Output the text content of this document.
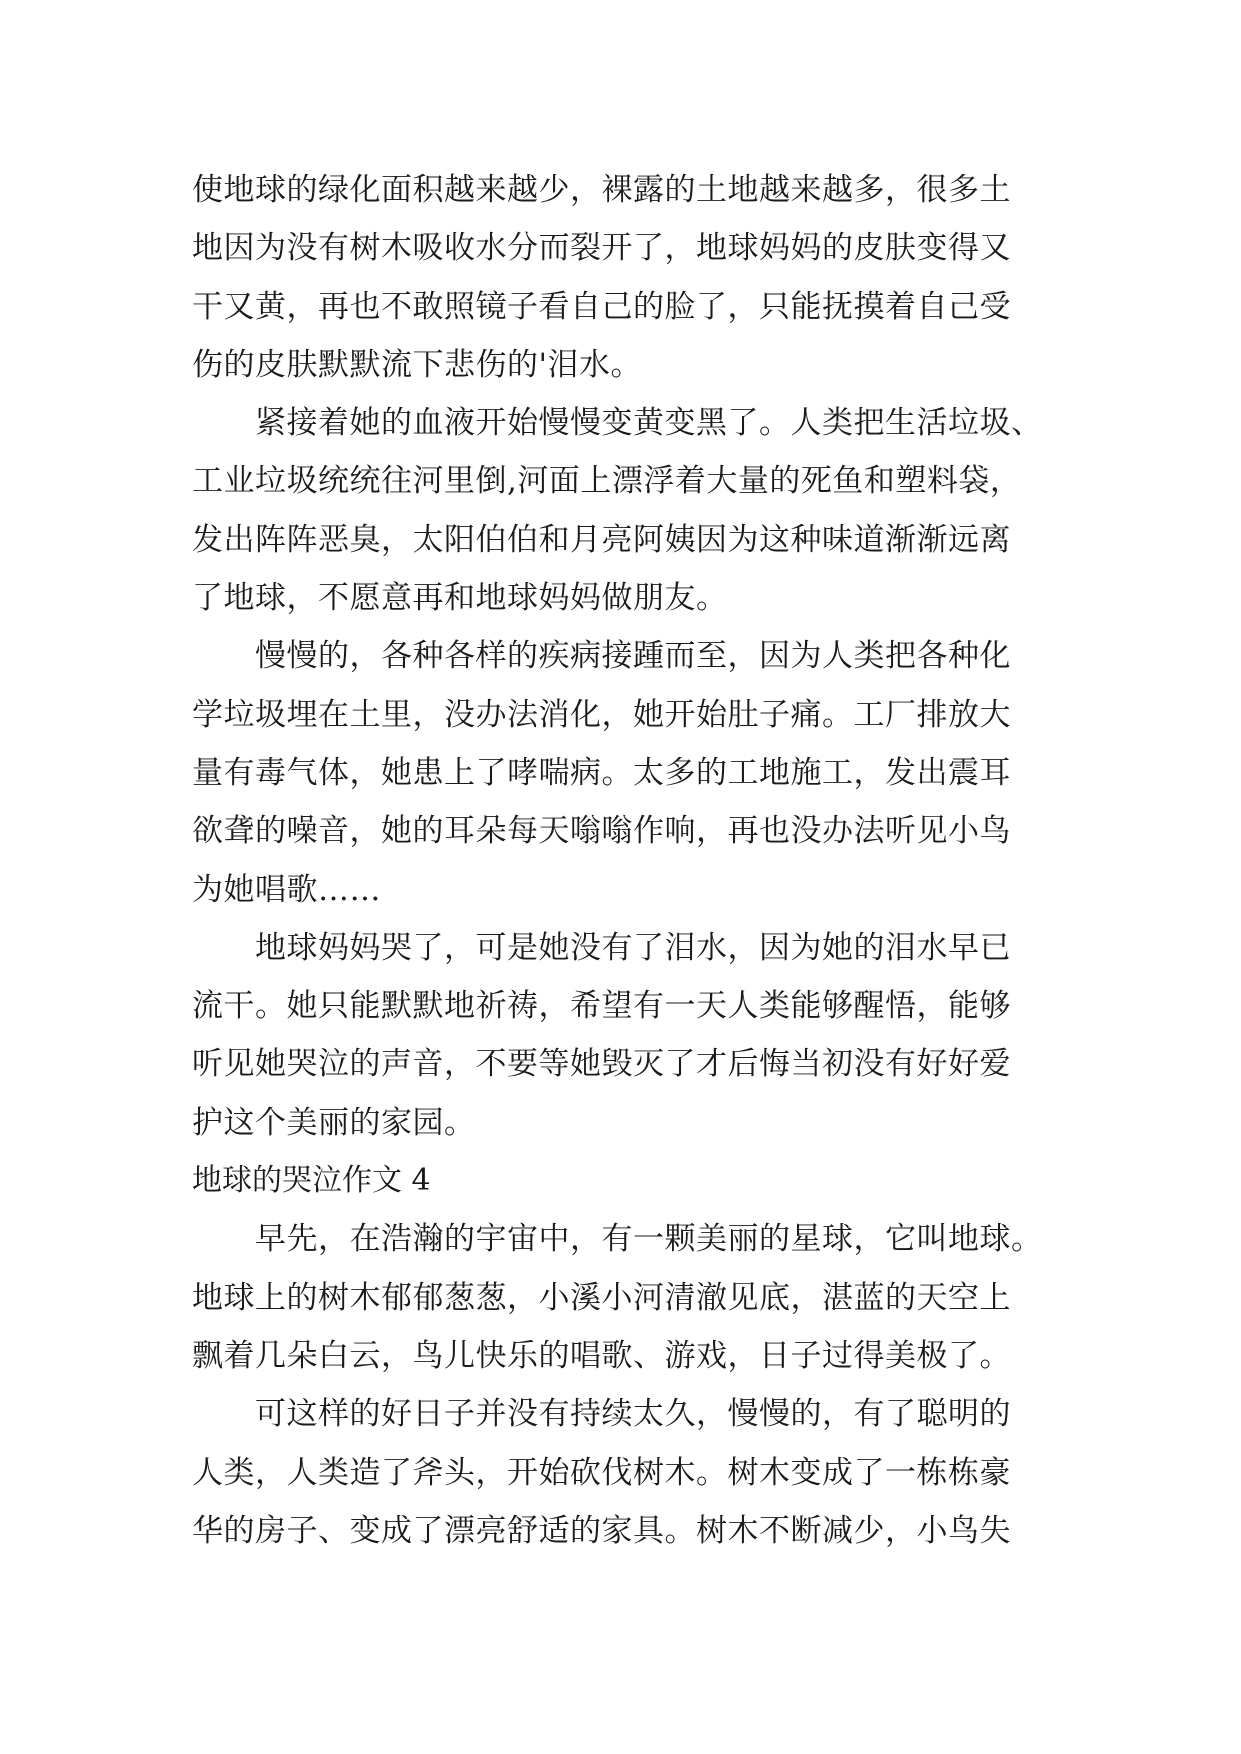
使地球的绿化面积越来越少，裸露的土地越来越多，很多土
地因为没有树木吸收水分而裂开了，地球妈妈的皮肤变得又
干又黄，再也不敢照镜子看自己的脸了，只能抚摸着自己受
伤的皮肤默默流下悲伤的'泪水。
　　紧接着她的血液开始慢慢变黄变黑了。人类把生活垃圾、
工业垃圾统统往河里倒,河面上漂浮着大量的死鱼和塑料袋，
发出阵阵恶臭，太阳伯伯和月亮阿姨因为这种味道渐渐远离
了地球，不愿意再和地球妈妈做朋友。
　　慢慢的，各种各样的疾病接踵而至，因为人类把各种化
学垃圾埋在土里，没办法消化，她开始肚子痛。工厂排放大
量有毒气体，她患上了哮喘病。太多的工地施工，发出震耳
欲聋的噪音，她的耳朵每天嗡嗡作响，再也没办法听见小鸟
为她唱歌……
　　地球妈妈哭了，可是她没有了泪水，因为她的泪水早已
流干。她只能默默地祈祷，希望有一天人类能够醒悟，能够
听见她哭泣的声音，不要等她毁灭了才后悔当初没有好好爱
护这个美丽的家园。
地球的哭泣作文 4
　　早先，在浩瀚的宇宙中，有一颗美丽的星球，它叫地球。
地球上的树木郁郁葱葱，小溪小河清澈见底，湛蓝的天空上
飘着几朵白云，鸟儿快乐的唱歌、游戏，日子过得美极了。
　　可这样的好日子并没有持续太久，慢慢的，有了聪明的
人类，人类造了斧头，开始砍伐树木。树木变成了一栋栋豪
华的房子、变成了漂亮舒适的家具。树木不断减少，小鸟失
